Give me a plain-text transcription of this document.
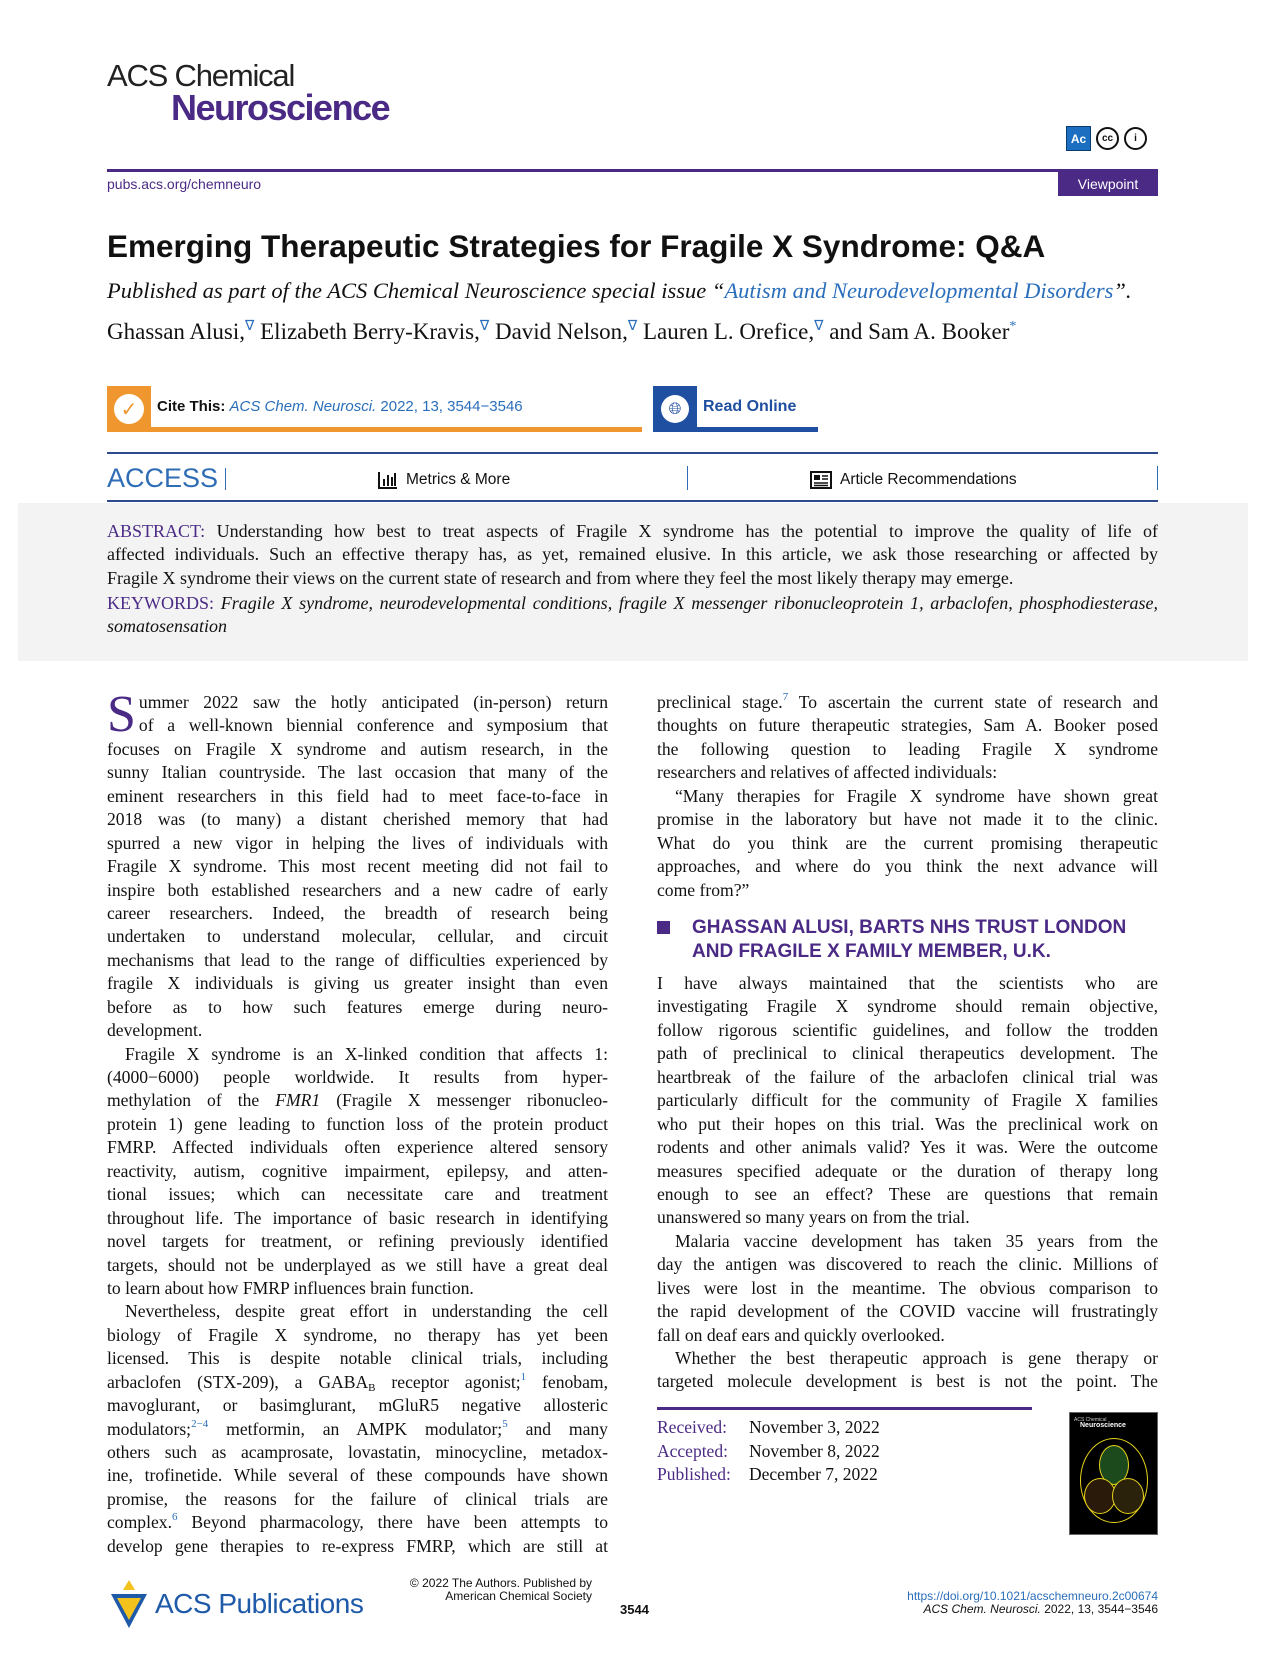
ACS Chemical
Neuroscience
Ac	cc	i
pubs.acs.org/chemneuro	Viewpoint
Emerging Therapeutic Strategies for Fragile X Syndrome: Q&A
Published as part of the ACS Chemical Neuroscience special issue “Autism and Neurodevelopmental Disorders”.
Ghassan Alusi,∇ Elizabeth Berry-Kravis,∇ David Nelson,∇ Lauren L. Orefice,∇ and Sam A. Booker*
✓	Cite This: ACS Chem. Neurosci. 2022, 13, 3544−3546	🌐︎	Read Online
ACCESS	Metrics & More	Article Recommendations
ABSTRACT: Understanding how best to treat aspects of Fragile X syndrome has the potential to improve the quality of life of
affected individuals. Such an effective therapy has, as yet, remained elusive. In this article, we ask those researching or affected by
Fragile X syndrome their views on the current state of research and from where they feel the most likely therapy may emerge.
KEYWORDS: Fragile X syndrome, neurodevelopmental conditions, fragile X messenger ribonucleoprotein 1, arbaclofen, phosphodiesterase,
somatosensation
S ummer 2022 saw the hotly anticipated (in-person) return
of a well-known biennial conference and symposium that
focuses on Fragile X syndrome and autism research, in the
sunny Italian countryside. The last occasion that many of the
eminent researchers in this field had to meet face-to-face in
2018 was (to many) a distant cherished memory that had
spurred a new vigor in helping the lives of individuals with
Fragile X syndrome. This most recent meeting did not fail to
inspire both established researchers and a new cadre of early
career researchers. Indeed, the breadth of research being
undertaken to understand molecular, cellular, and circuit
mechanisms that lead to the range of difficulties experienced by
fragile X individuals is giving us greater insight than even
before as to how such features emerge during neuro-
development.
Fragile X syndrome is an X-linked condition that affects 1:
(4000−6000) people worldwide. It results from hyper-
methylation of the FMR1 (Fragile X messenger ribonucleo-
protein 1) gene leading to function loss of the protein product
FMRP. Affected individuals often experience altered sensory
reactivity, autism, cognitive impairment, epilepsy, and atten-
tional issues; which can necessitate care and treatment
throughout life. The importance of basic research in identifying
novel targets for treatment, or refining previously identified
targets, should not be underplayed as we still have a great deal
to learn about how FMRP influences brain function.
Nevertheless, despite great effort in understanding the cell
biology of Fragile X syndrome, no therapy has yet been
licensed. This is despite notable clinical trials, including
arbaclofen (STX-209), a $GABA_B$ receptor agonist;$^1$ fenobam,
mavoglurant, or basimglurant, mGluR5 negative allosteric
modulators;$^{2-4}$ metformin, an AMPK modulator;$^5$ and many
others such as acamprosate, lovastatin, minocycline, metadox-
ine, trofinetide. While several of these compounds have shown
promise, the reasons for the failure of clinical trials are
complex.$^6$ Beyond pharmacology, there have been attempts to
develop gene therapies to re-express FMRP, which are still at
preclinical stage.$^7$ To ascertain the current state of research and
thoughts on future therapeutic strategies, Sam A. Booker posed
the following question to leading Fragile X syndrome
researchers and relatives of affected individuals:
“Many therapies for Fragile X syndrome have shown great
promise in the laboratory but have not made it to the clinic.
What do you think are the current promising therapeutic
approaches, and where do you think the next advance will
come from?”
GHASSAN ALUSI, BARTS NHS TRUST LONDON
AND FRAGILE X FAMILY MEMBER, U.K.
I have always maintained that the scientists who are
investigating Fragile X syndrome should remain objective,
follow rigorous scientific guidelines, and follow the trodden
path of preclinical to clinical therapeutics development. The
heartbreak of the failure of the arbaclofen clinical trial was
particularly difficult for the community of Fragile X families
who put their hopes on this trial. Was the preclinical work on
rodents and other animals valid? Yes it was. Were the outcome
measures specified adequate or the duration of therapy long
enough to see an effect? These are questions that remain
unanswered so many years on from the trial.
Malaria vaccine development has taken 35 years from the
day the antigen was discovered to reach the clinic. Millions of
lives were lost in the meantime. The obvious comparison to
the rapid development of the COVID vaccine will frustratingly
fall on deaf ears and quickly overlooked.
Whether the best therapeutic approach is gene therapy or
targeted molecule development is best is not the point. The
Received: November 3, 2022
Accepted: November 8, 2022
Published: December 7, 2022
ACS Chemical
Neuroscience
ACS Publications
© 2022 The Authors. Published by
American Chemical Society
3544
https://doi.org/10.1021/acschemneuro.2c00674
ACS Chem. Neurosci. 2022, 13, 3544−3546
